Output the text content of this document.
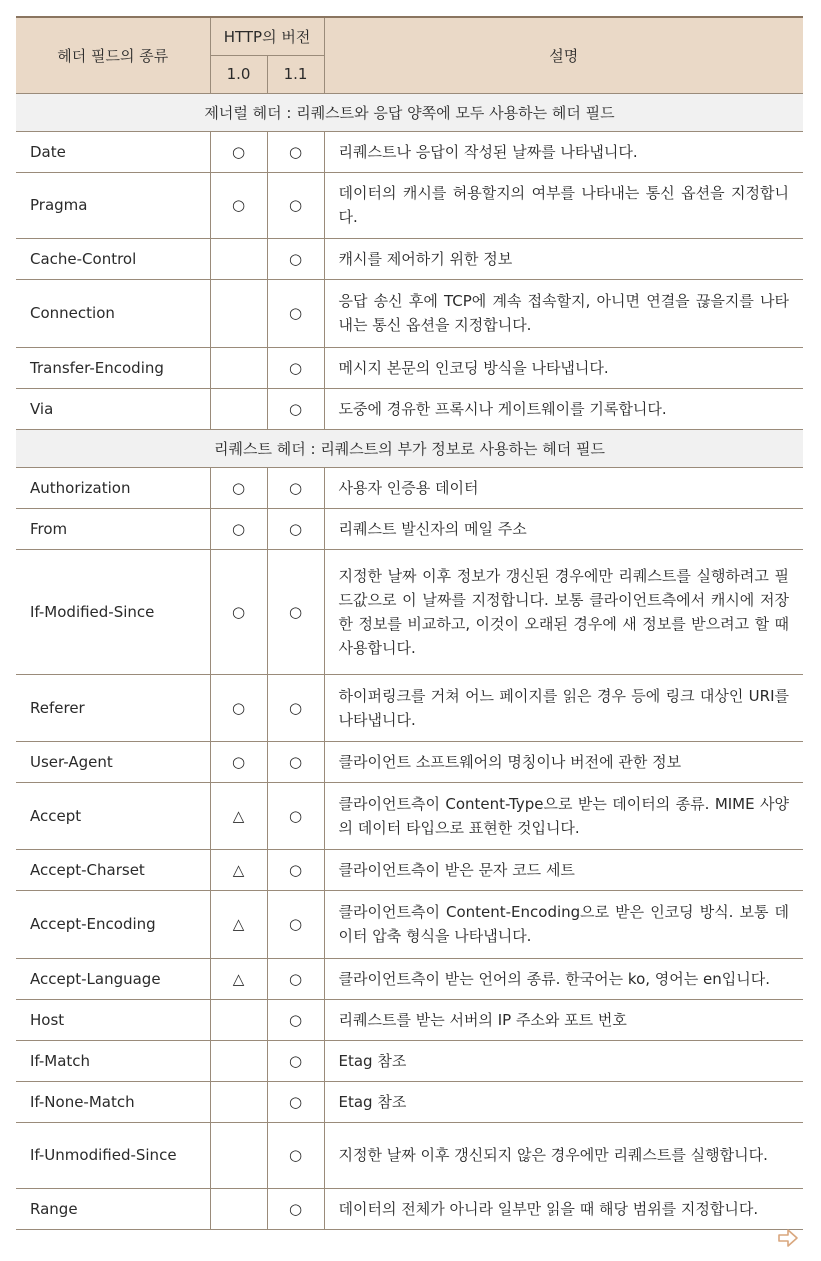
헤더 필드의 종류	HTTP의 버전		설명
	1.0	1.1	
제너럴 헤더 : 리퀘스트와 응답 양쪽에 모두 사용하는 헤더 필드			
Date	○	○	리퀘스트나 응답이 작성된 날짜를 나타냅니다.
Pragma	○	○	데이터의 캐시를 허용할지의 여부를 나타내는 통신 옵션을 지정합니다.
Cache-Control		○	캐시를 제어하기 위한 정보
Connection		○	응답 송신 후에 TCP에 계속 접속할지, 아니면 연결을 끊을지를 나타내는 통신 옵션을 지정합니다.
Transfer-Encoding		○	메시지 본문의 인코딩 방식을 나타냅니다.
Via		○	도중에 경유한 프록시나 게이트웨이를 기록합니다.
리퀘스트 헤더 : 리퀘스트의 부가 정보로 사용하는 헤더 필드			
Authorization	○	○	사용자 인증용 데이터
From	○	○	리퀘스트 발신자의 메일 주소
If-Modified-Since	○	○	지정한 날짜 이후 정보가 갱신된 경우에만 리퀘스트를 실행하려고 필드값으로 이 날짜를 지정합니다. 보통 클라이언트측에서 캐시에 저장한 정보를 비교하고, 이것이 오래된 경우에 새 정보를 받으려고 할 때 사용합니다.
Referer	○	○	하이퍼링크를 거쳐 어느 페이지를 읽은 경우 등에 링크 대상인 URI를 나타냅니다.
User-Agent	○	○	클라이언트 소프트웨어의 명칭이나 버전에 관한 정보
Accept	△	○	클라이언트측이 Content-Type으로 받는 데이터의 종류. MIME 사양의 데이터 타입으로 표현한 것입니다.
Accept-Charset	△	○	클라이언트측이 받은 문자 코드 세트
Accept-Encoding	△	○	클라이언트측이 Content-Encoding으로 받은 인코딩 방식. 보통 데이터 압축 형식을 나타냅니다.
Accept-Language	△	○	클라이언트측이 받는 언어의 종류. 한국어는 ko, 영어는 en입니다.
Host		○	리퀘스트를 받는 서버의 IP 주소와 포트 번호
If-Match		○	Etag 참조
If-None-Match		○	Etag 참조
If-Unmodified-Since		○	지정한 날짜 이후 갱신되지 않은 경우에만 리퀘스트를 실행합니다.
Range		○	데이터의 전체가 아니라 일부만 읽을 때 해당 범위를 지정합니다.
